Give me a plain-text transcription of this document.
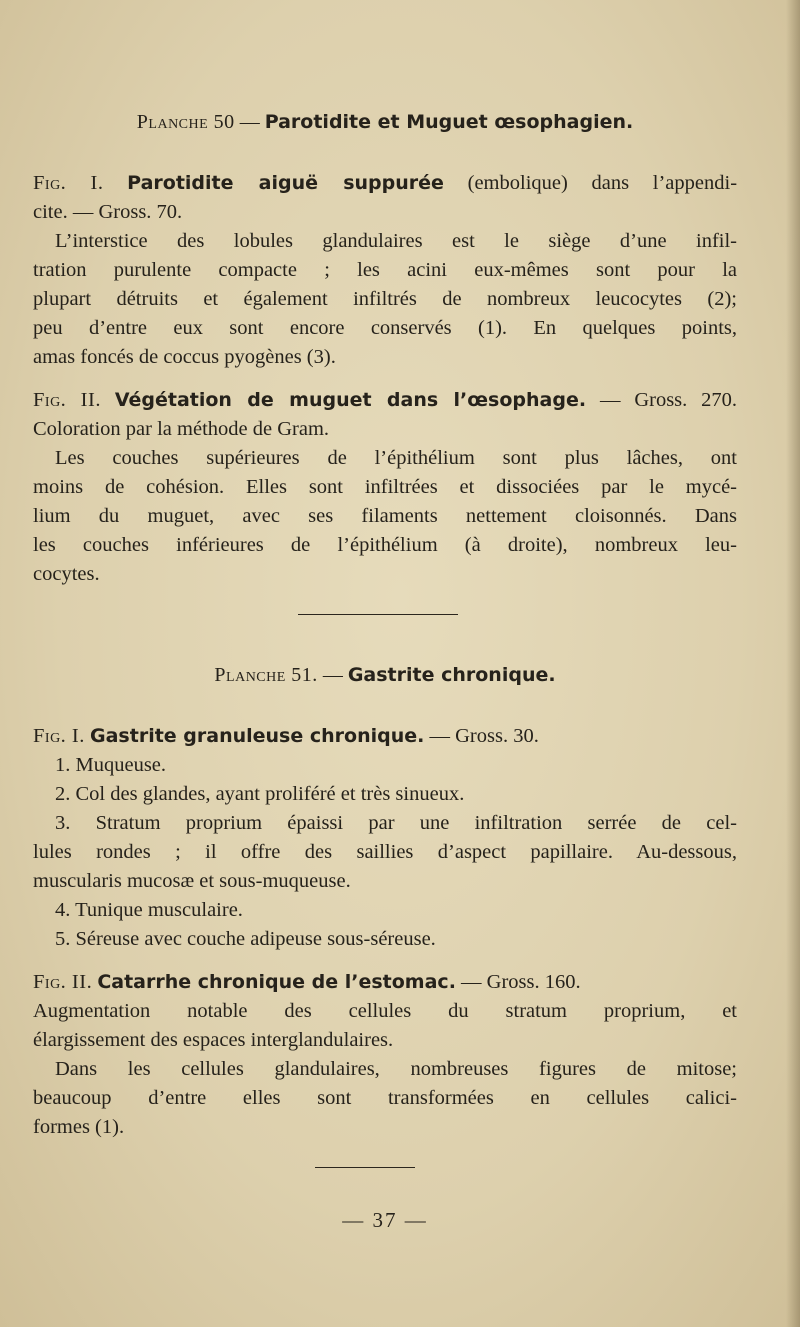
Planche 50 — Parotidite et Muguet œsophagien.
Fig. I. Parotidite aiguë suppurée (embolique) dans l’appendi-
cite. — Gross. 70.
L’interstice des lobules glandulaires est le siège d’une infil-
tration purulente compacte ; les acini eux-mêmes sont pour la
plupart détruits et également infiltrés de nombreux leucocytes (2);
peu d’entre eux sont encore conservés (1). En quelques points,
amas foncés de coccus pyogènes (3).
Fig. II. Végétation de muguet dans l’œsophage. — Gross. 270.
Coloration par la méthode de Gram.
Les couches supérieures de l’épithélium sont plus lâches, ont
moins de cohésion. Elles sont infiltrées et dissociées par le mycé-
lium du muguet, avec ses filaments nettement cloisonnés. Dans
les couches inférieures de l’épithélium (à droite), nombreux leu-
cocytes.
Planche 51. — Gastrite chronique.
Fig. I. Gastrite granuleuse chronique. — Gross. 30.
1. Muqueuse.
2. Col des glandes, ayant proliféré et très sinueux.
3. Stratum proprium épaissi par une infiltration serrée de cel-
lules rondes ; il offre des saillies d’aspect papillaire. Au-dessous,
muscularis mucosæ et sous-muqueuse.
4. Tunique musculaire.
5. Séreuse avec couche adipeuse sous-séreuse.
Fig. II. Catarrhe chronique de l’estomac. — Gross. 160.
Augmentation notable des cellules du stratum proprium, et
élargissement des espaces interglandulaires.
Dans les cellules glandulaires, nombreuses figures de mitose;
beaucoup d’entre elles sont transformées en cellules calici-
formes (1).
— 37 —
